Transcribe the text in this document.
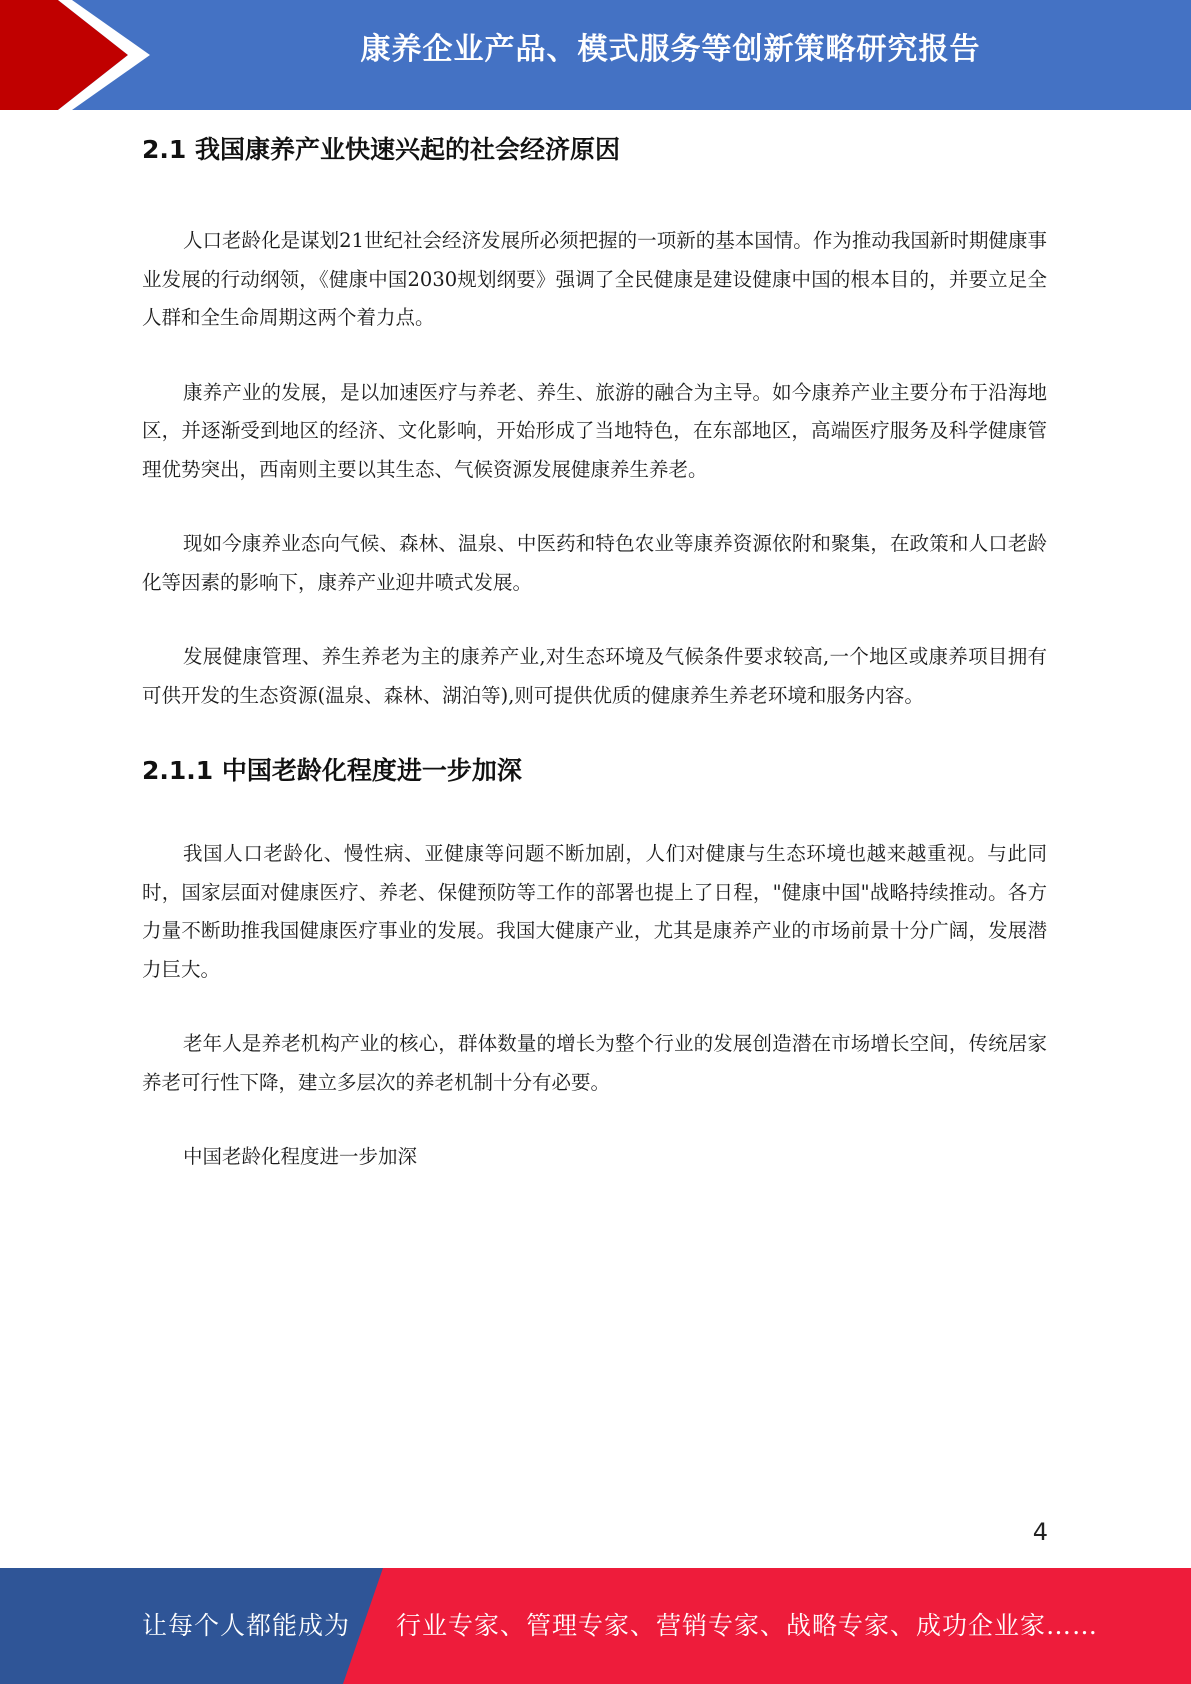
康养企业产品、模式服务等创新策略研究报告
2.1 我国康养产业快速兴起的社会经济原因

人口老龄化是谋划21世纪社会经济发展所必须把握的一项新的基本国情。作为推动我国新时期健康事业发展的行动纲领，《健康中国2030规划纲要》强调了全民健康是建设健康中国的根本目的，并要立足全人群和全生命周期这两个着力点。

康养产业的发展，是以加速医疗与养老、养生、旅游的融合为主导。如今康养产业主要分布于沿海地区，并逐渐受到地区的经济、文化影响，开始形成了当地特色，在东部地区，高端医疗服务及科学健康管理优势突出，西南则主要以其生态、气候资源发展健康养生养老。

现如今康养业态向气候、森林、温泉、中医药和特色农业等康养资源依附和聚集，在政策和人口老龄化等因素的影响下，康养产业迎井喷式发展。

发展健康管理、养生养老为主的康养产业,对生态环境及气候条件要求较高,一个地区或康养项目拥有可供开发的生态资源(温泉、森林、湖泊等),则可提供优质的健康养生养老环境和服务内容。

2.1.1 中国老龄化程度进一步加深

我国人口老龄化、慢性病、亚健康等问题不断加剧，人们对健康与生态环境也越来越重视。与此同时，国家层面对健康医疗、养老、保健预防等工作的部署也提上了日程，"健康中国"战略持续推动。各方力量不断助推我国健康医疗事业的发展。我国大健康产业，尤其是康养产业的市场前景十分广阔，发展潜力巨大。

老年人是养老机构产业的核心，群体数量的增长为整个行业的发展创造潜在市场增长空间，传统居家养老可行性下降，建立多层次的养老机制十分有必要。

中国老龄化程度进一步加深

4
让每个人都能成为 行业专家、管理专家、营销专家、战略专家、成功企业家……
